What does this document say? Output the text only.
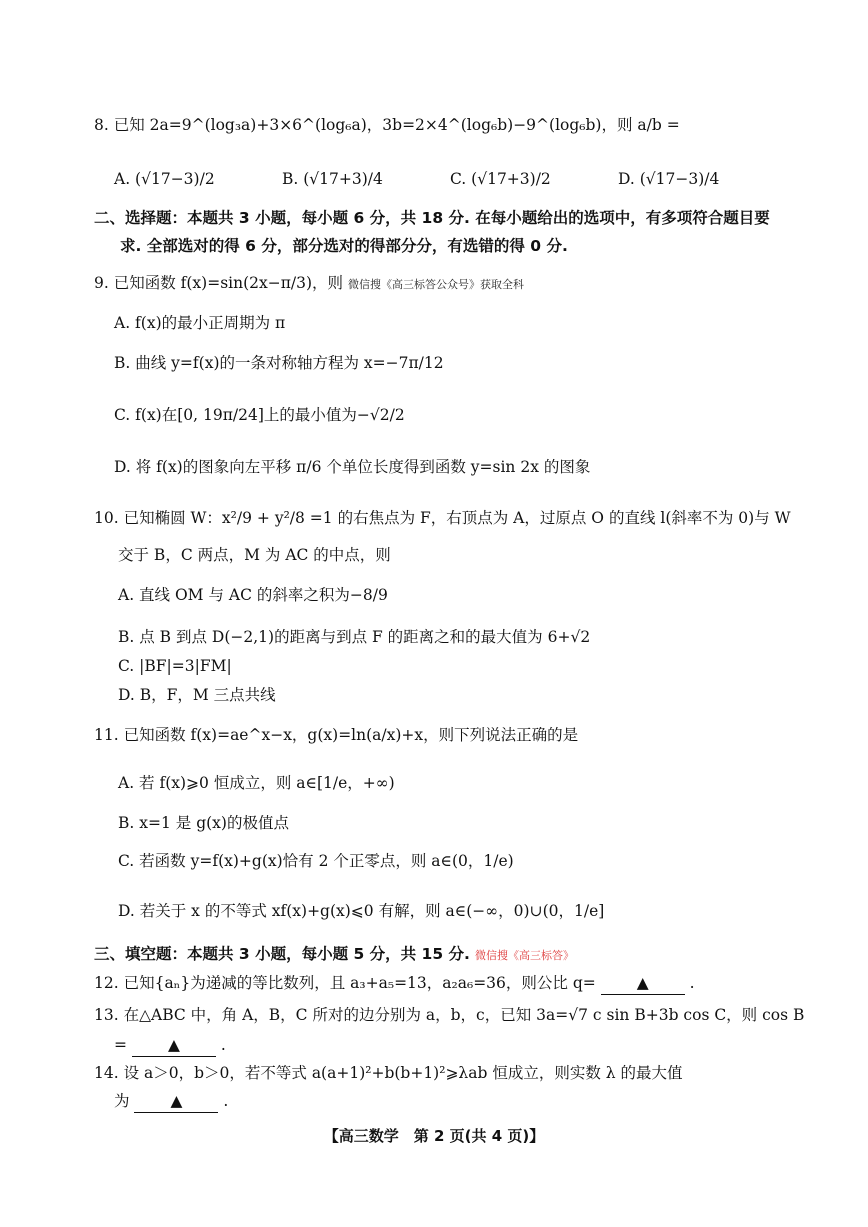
8. 已知 2a=9^(log₃a)+3×6^(log₆a)，3b=2×4^(log₆b)−9^(log₆b)，则 a/b =
A. (√17−3)/2	B. (√17+3)/4	C. (√17+3)/2	D. (√17−3)/4
二、选择题：本题共 3 小题，每小题 6 分，共 18 分. 在每小题给出的选项中，有多项符合题目要
求. 全部选对的得 6 分，部分选对的得部分分，有选错的得 0 分.
9. 已知函数 f(x)=sin(2x−π/3)，则 微信搜《高三标答公众号》获取全科
A. f(x)的最小正周期为 π
B. 曲线 y=f(x)的一条对称轴方程为 x=−7π/12
C. f(x)在[0, 19π/24]上的最小值为−√2/2
D. 将 f(x)的图象向左平移 π/6 个单位长度得到函数 y=sin 2x 的图象
10. 已知椭圆 W：x²/9 + y²/8 =1 的右焦点为 F，右顶点为 A，过原点 O 的直线 l(斜率不为 0)与 W
交于 B，C 两点，M 为 AC 的中点，则
A. 直线 OM 与 AC 的斜率之积为−8/9
B. 点 B 到点 D(−2,1)的距离与到点 F 的距离之和的最大值为 6+√2
C. |BF|=3|FM|
D. B，F，M 三点共线
11. 已知函数 f(x)=ae^x−x，g(x)=ln(a/x)+x，则下列说法正确的是
A. 若 f(x)⩾0 恒成立，则 a∈[1/e，+∞)
B. x=1 是 g(x)的极值点
C. 若函数 y=f(x)+g(x)恰有 2 个正零点，则 a∈(0，1/e)
D. 若关于 x 的不等式 xf(x)+g(x)⩽0 有解，则 a∈(−∞，0)∪(0，1/e]
三、填空题：本题共 3 小题，每小题 5 分，共 15 分. 微信搜《高三标答》
12. 已知{aₙ}为递减的等比数列，且 a₃+a₅=13，a₂a₆=36，则公比 q=	▲	.
13. 在△ABC 中，角 A，B，C 所对的边分别为 a，b，c，已知 3a=√7 c sin B+3b cos C，则 cos B
=	▲	.
14. 设 a＞0，b＞0，若不等式 a(a+1)²+b(b+1)²⩾λab 恒成立，则实数 λ 的最大值
为	▲	.
【高三数学　第 2 页(共 4 页)】
